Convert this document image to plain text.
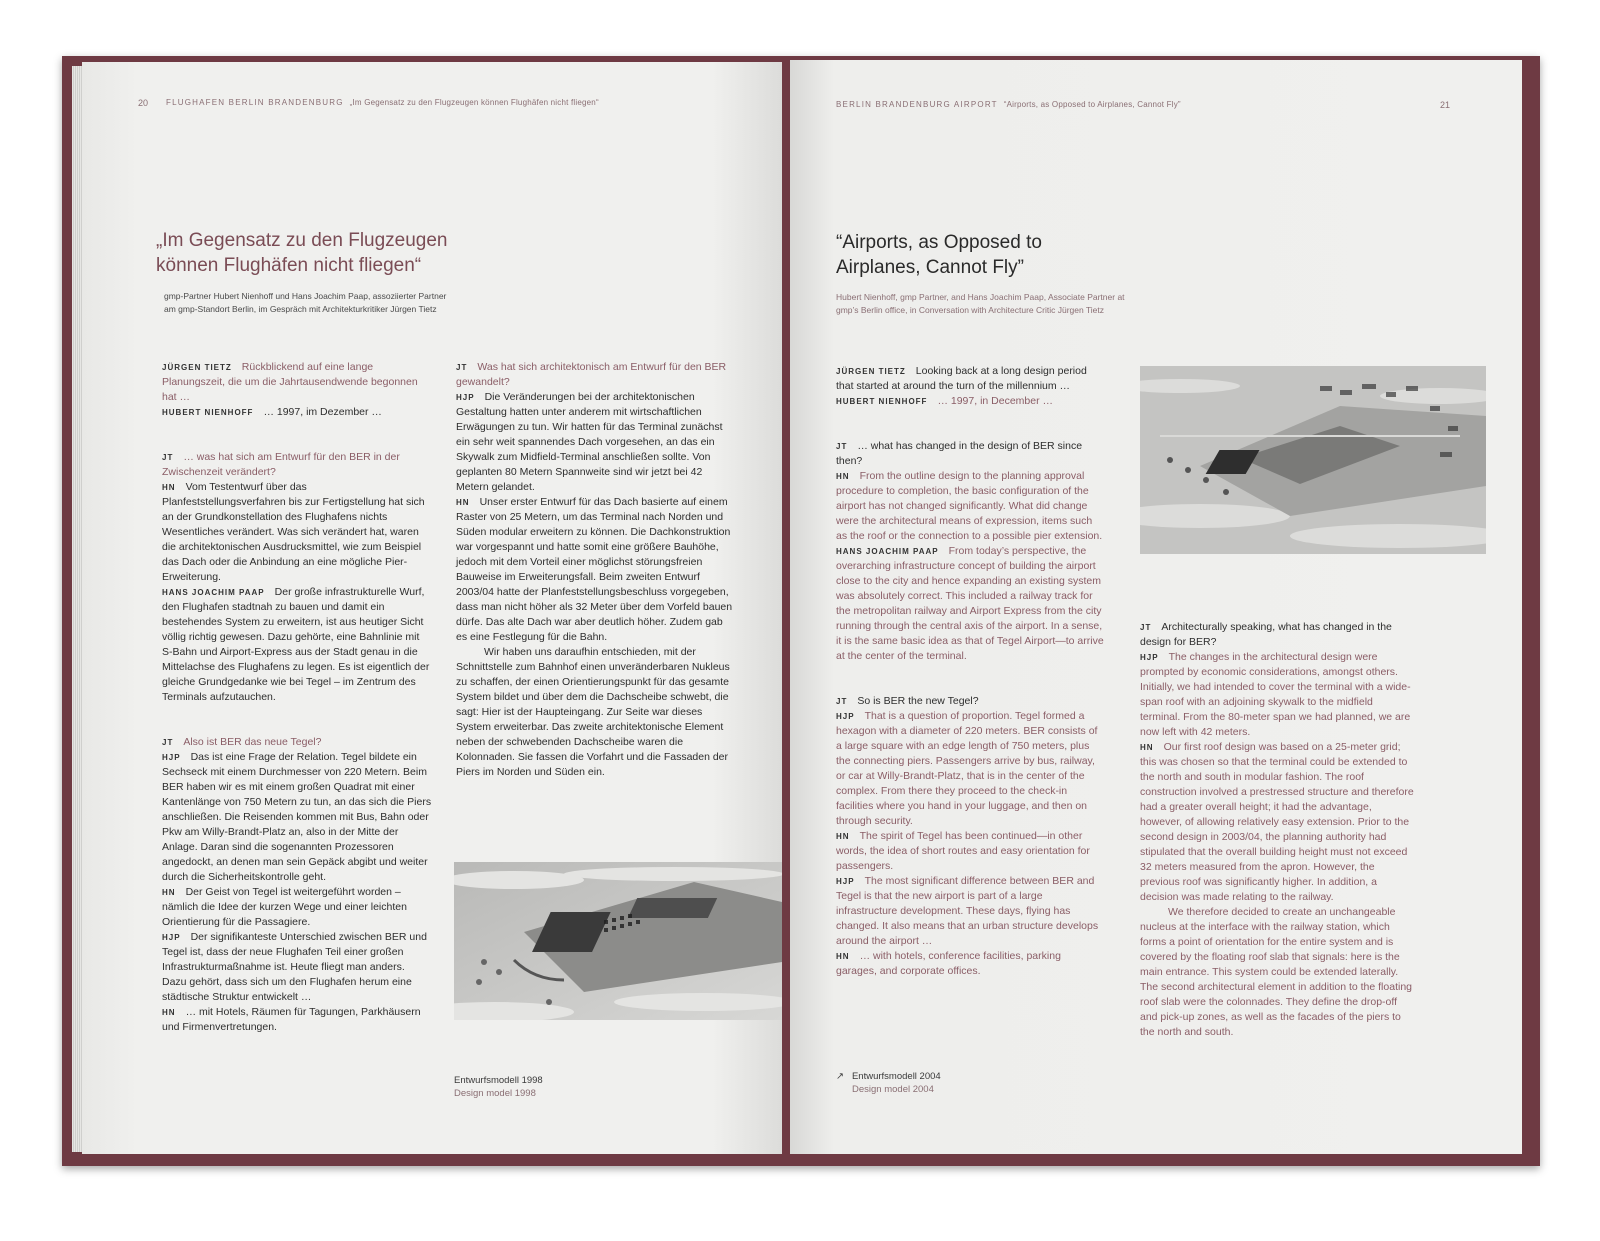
20 FLUGHAFEN BERLIN BRANDENBURG „Im Gegensatz zu den Flugzeugen können Flughäfen nicht fliegen“
„Im Gegensatz zu den Flugzeugen
können Flughäfen nicht fliegen“
gmp-Partner Hubert Nienhoff und Hans Joachim Paap, assoziierter Partner
am gmp-Standort Berlin, im Gespräch mit Architekturkritiker Jürgen Tietz

JÜRGEN TIETZ Rückblickend auf eine lange Planungszeit, die um die Jahrtausendwende begonnen hat …

HUBERT NIENHOFF … 1997, im Dezember …

JT … was hat sich am Entwurf für den BER in der Zwischenzeit verändert?

HN Vom Testentwurf über das Planfeststellungsverfahren bis zur Fertigstellung hat sich an der Grundkonstellation des Flughafens nichts Wesentliches verändert. Was sich verändert hat, waren die architektonischen Ausdrucksmittel, wie zum Beispiel das Dach oder die Anbindung an eine mögliche Pier-Erweiterung.

HANS JOACHIM PAAP Der große infrastrukturelle Wurf, den Flughafen stadtnah zu bauen und damit ein bestehendes System zu erweitern, ist aus heutiger Sicht völlig richtig gewesen. Dazu gehörte, eine Bahnlinie mit S-Bahn und Airport-Express aus der Stadt genau in die Mittelachse des Flughafens zu legen. Es ist eigentlich der gleiche Grundgedanke wie bei Tegel – im Zentrum des Terminals aufzutauchen.

JT Also ist BER das neue Tegel?

HJP Das ist eine Frage der Relation. Tegel bildete ein Sechseck mit einem Durchmesser von 220 Metern. Beim BER haben wir es mit einem großen Quadrat mit einer Kantenlänge von 750 Metern zu tun, an das sich die Piers anschließen. Die Reisenden kommen mit Bus, Bahn oder Pkw am Willy-Brandt-Platz an, also in der Mitte der Anlage. Daran sind die sogenannten Prozessoren angedockt, an denen man sein Gepäck abgibt und weiter durch die Sicherheitskontrolle geht.

HN Der Geist von Tegel ist weitergeführt worden – nämlich die Idee der kurzen Wege und einer leichten Orientierung für die Passagiere.

HJP Der signifikanteste Unterschied zwischen BER und Tegel ist, dass der neue Flughafen Teil einer großen Infrastrukturmaßnahme ist. Heute fliegt man anders. Dazu gehört, dass sich um den Flughafen herum eine städtische Struktur entwickelt …

HN … mit Hotels, Räumen für Tagungen, Parkhäusern und Firmenvertretungen.

JT Was hat sich architektonisch am Entwurf für den BER gewandelt?

HJP Die Veränderungen bei der architektonischen Gestaltung hatten unter anderem mit wirtschaftlichen Erwägungen zu tun. Wir hatten für das Terminal zunächst ein sehr weit spannendes Dach vorgesehen, an das ein Skywalk zum Midfield-Terminal anschließen sollte. Von geplanten 80 Metern Spannweite sind wir jetzt bei 42 Metern gelandet.

HN Unser erster Entwurf für das Dach basierte auf einem Raster von 25 Metern, um das Terminal nach Norden und Süden modular erweitern zu können. Die Dachkonstruktion war vorgespannt und hatte somit eine größere Bauhöhe, jedoch mit dem Vorteil einer möglichst störungsfreien Bauweise im Erweiterungsfall. Beim zweiten Entwurf 2003/04 hatte der Planfeststellungsbeschluss vorgegeben, dass man nicht höher als 32 Meter über dem Vorfeld bauen dürfe. Das alte Dach war aber deutlich höher. Zudem gab es eine Festlegung für die Bahn.

Wir haben uns daraufhin entschieden, mit der Schnittstelle zum Bahnhof einen unveränderbaren Nukleus zu schaffen, der einen Orientierungspunkt für das gesamte System bildet und über dem die Dachscheibe schwebt, die sagt: Hier ist der Haupteingang. Zur Seite war dieses System erweiterbar. Das zweite architektonische Element neben der schwebenden Dachscheibe waren die Kolonnaden. Sie fassen die Vorfahrt und die Fassaden der Piers im Norden und Süden ein.

Entwurfsmodell 1998
Design model 1998
BERLIN BRANDENBURG AIRPORT “Airports, as Opposed to Airplanes, Cannot Fly”	21
“Airports, as Opposed to
Airplanes, Cannot Fly”
Hubert Nienhoff, gmp Partner, and Hans Joachim Paap, Associate Partner at
gmp’s Berlin office, in Conversation with Architecture Critic Jürgen Tietz

JÜRGEN TIETZ Looking back at a long design period that started at around the turn of the millennium …

HUBERT NIENHOFF … 1997, in December …

JT … what has changed in the design of BER since then?

HN From the outline design to the planning approval procedure to completion, the basic configuration of the airport has not changed significantly. What did change were the architectural means of expression, items such as the roof or the connection to a possible pier extension.

HANS JOACHIM PAAP From today’s perspective, the overarching infrastructure concept of building the airport close to the city and hence expanding an existing system was absolutely correct. This included a railway track for the metropolitan railway and Airport Express from the city running through the central axis of the airport. In a sense, it is the same basic idea as that of Tegel Airport—to arrive at the center of the terminal.

JT So is BER the new Tegel?

HJP That is a question of proportion. Tegel formed a hexagon with a diameter of 220 meters. BER consists of a large square with an edge length of 750 meters, plus the connecting piers. Passengers arrive by bus, railway, or car at Willy-Brandt-Platz, that is in the center of the complex. From there they proceed to the check-in facilities where you hand in your luggage, and then on through security.

HN The spirit of Tegel has been continued—in other words, the idea of short routes and easy orientation for passengers.

HJP The most significant difference between BER and Tegel is that the new airport is part of a large infrastructure development. These days, flying has changed. It also means that an urban structure develops around the airport …

HN … with hotels, conference facilities, parking garages, and corporate offices.

JT Architecturally speaking, what has changed in the design for BER?

HJP The changes in the architectural design were prompted by economic considerations, amongst others. Initially, we had intended to cover the terminal with a wide-span roof with an adjoining skywalk to the midfield terminal. From the 80-meter span we had planned, we are now left with 42 meters.

HN Our first roof design was based on a 25-meter grid; this was chosen so that the terminal could be extended to the north and south in modular fashion. The roof construction involved a prestressed structure and therefore had a greater overall height; it had the advantage, however, of allowing relatively easy extension. Prior to the second design in 2003/04, the planning authority had stipulated that the overall building height must not exceed 32 meters measured from the apron. However, the previous roof was significantly higher. In addition, a decision was made relating to the railway.

We therefore decided to create an unchangeable nucleus at the interface with the railway station, which forms a point of orientation for the entire system and is covered by the floating roof slab that signals: here is the main entrance. This system could be extended laterally. The second architectural element in addition to the floating roof slab were the colonnades. They define the drop-off and pick-up zones, as well as the facades of the piers to the north and south.

↗ Entwurfsmodell 2004
Design model 2004
